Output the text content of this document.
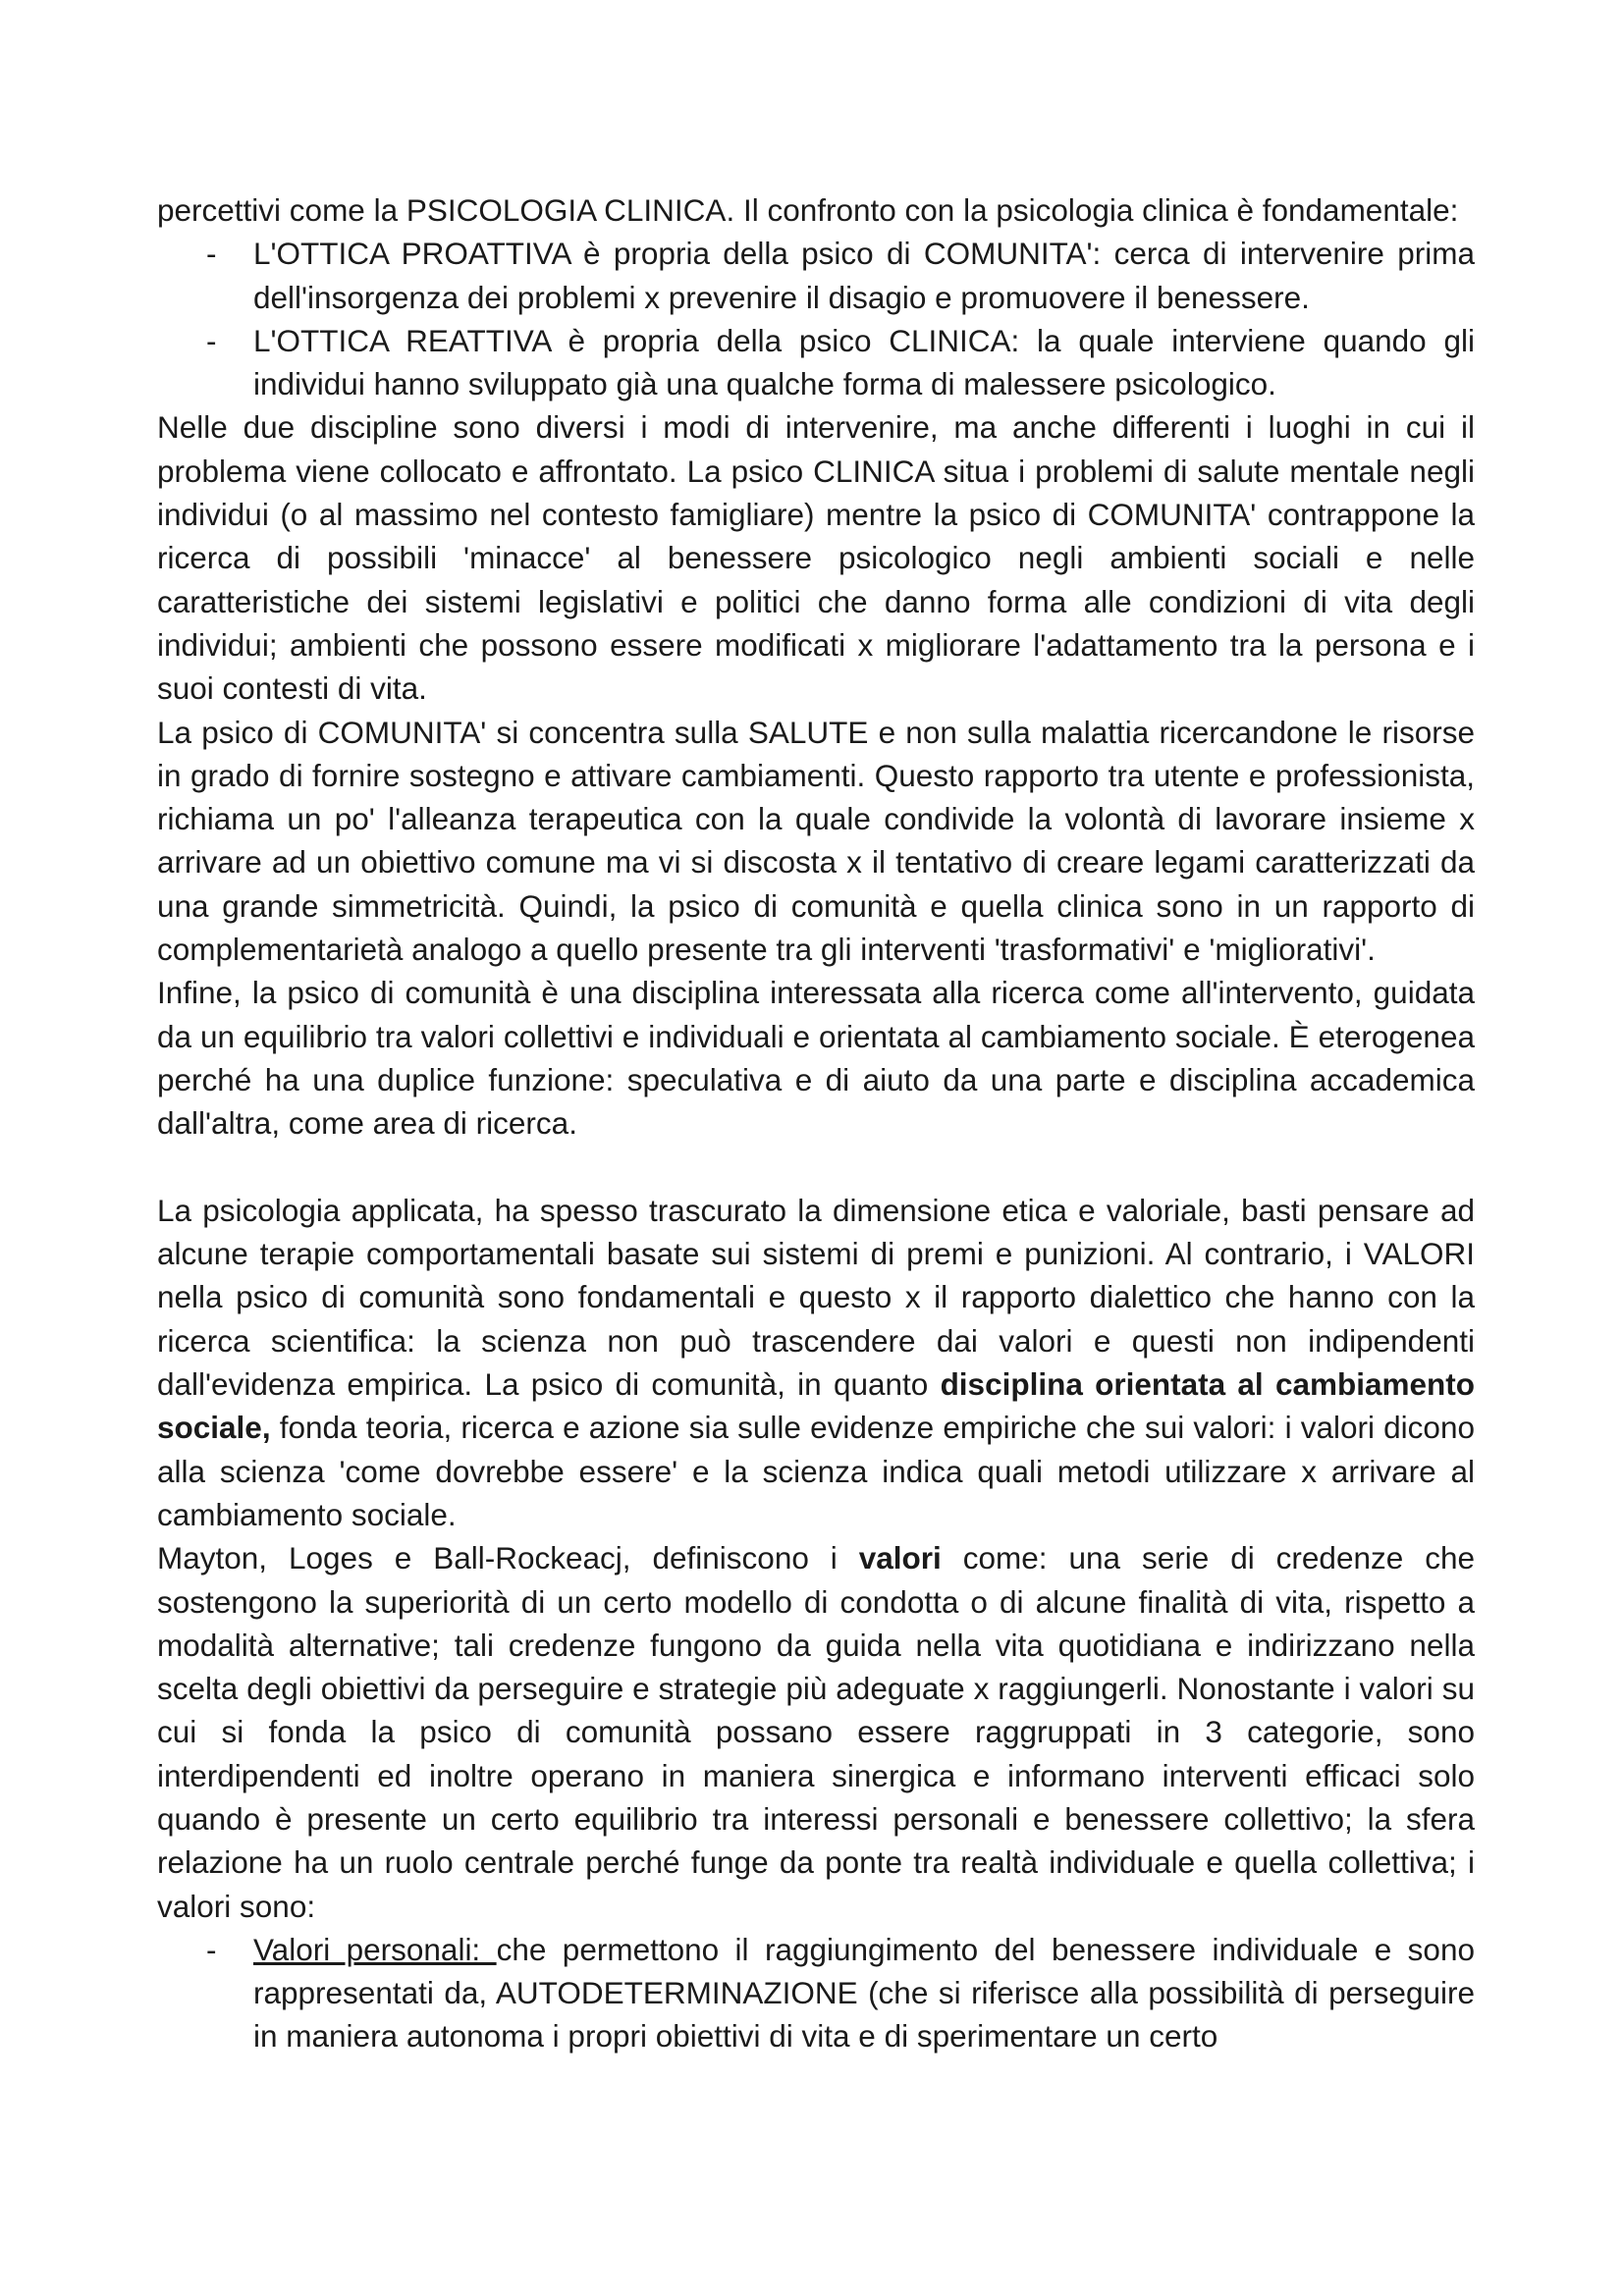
percettivi come la PSICOLOGIA CLINICA. Il confronto con la psicologia clinica è fondamentale:

- L'OTTICA PROATTIVA è propria della psico di COMUNITA': cerca di intervenire prima dell'insorgenza dei problemi x prevenire il disagio e promuovere il benessere.
- L'OTTICA REATTIVA è propria della psico CLINICA: la quale interviene quando gli individui hanno sviluppato già una qualche forma di malessere psicologico.

Nelle due discipline sono diversi i modi di intervenire, ma anche differenti i luoghi in cui il problema viene collocato e affrontato. La psico CLINICA situa i problemi di salute mentale negli individui (o al massimo nel contesto famigliare) mentre la psico di COMUNITA' contrappone la ricerca di possibili 'minacce' al benessere psicologico negli ambienti sociali e nelle caratteristiche dei sistemi legislativi e politici che danno forma alle condizioni di vita degli individui; ambienti che possono essere modificati x migliorare l'adattamento tra la persona e i suoi contesti di vita.

La psico di COMUNITA' si concentra sulla SALUTE e non sulla malattia ricercandone le risorse in grado di fornire sostegno e attivare cambiamenti. Questo rapporto tra utente e professionista, richiama un po' l'alleanza terapeutica con la quale condivide la volontà di lavorare insieme x arrivare ad un obiettivo comune ma vi si discosta x il tentativo di creare legami caratterizzati da una grande simmetricità. Quindi, la psico di comunità e quella clinica sono in un rapporto di complementarietà analogo a quello presente tra gli interventi 'trasformativi' e 'migliorativi'.

Infine, la psico di comunità è una disciplina interessata alla ricerca come all'intervento, guidata da un equilibrio tra valori collettivi e individuali e orientata al cambiamento sociale. È eterogenea perché ha una duplice funzione: speculativa e di aiuto da una parte e disciplina accademica dall'altra, come area di ricerca.

La psicologia applicata, ha spesso trascurato la dimensione etica e valoriale, basti pensare ad alcune terapie comportamentali basate sui sistemi di premi e punizioni. Al contrario, i VALORI nella psico di comunità sono fondamentali e questo x il rapporto dialettico che hanno con la ricerca scientifica: la scienza non può trascendere dai valori e questi non indipendenti dall'evidenza empirica. La psico di comunità, in quanto disciplina orientata al cambiamento sociale, fonda teoria, ricerca e azione sia sulle evidenze empiriche che sui valori: i valori dicono alla scienza 'come dovrebbe essere' e la scienza indica quali metodi utilizzare x arrivare al cambiamento sociale.

Mayton, Loges e Ball-Rockeacj, definiscono i valori come: una serie di credenze che sostengono la superiorità di un certo modello di condotta o di alcune finalità di vita, rispetto a modalità alternative; tali credenze fungono da guida nella vita quotidiana e indirizzano nella scelta degli obiettivi da perseguire e strategie più adeguate x raggiungerli. Nonostante i valori su cui si fonda la psico di comunità possano essere raggruppati in 3 categorie, sono interdipendenti ed inoltre operano in maniera sinergica e informano interventi efficaci solo quando è presente un certo equilibrio tra interessi personali e benessere collettivo; la sfera relazione ha un ruolo centrale perché funge da ponte tra realtà individuale e quella collettiva; i valori sono:

- Valori personali: che permettono il raggiungimento del benessere individuale e sono rappresentati da, AUTODETERMINAZIONE (che si riferisce alla possibilità di perseguire in maniera autonoma i propri obiettivi di vita e di sperimentare un certo
